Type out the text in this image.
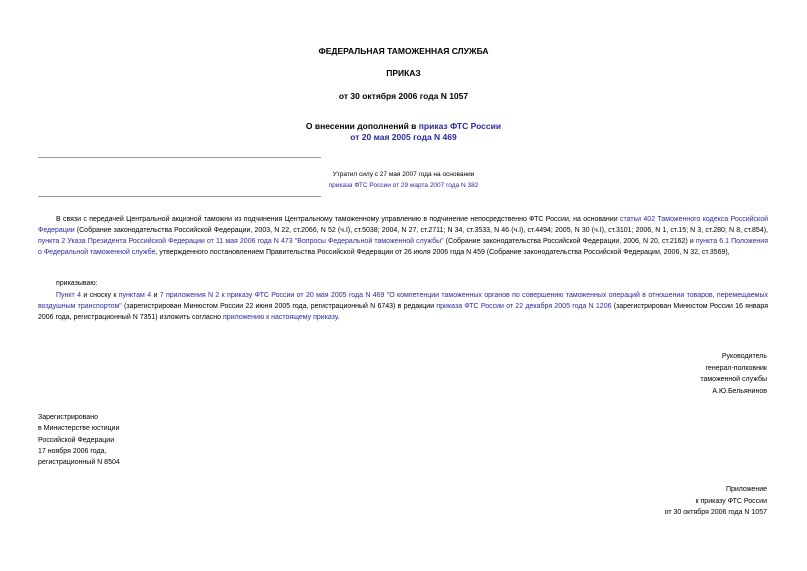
ФЕДЕРАЛЬНАЯ ТАМОЖЕННАЯ СЛУЖБА
ПРИКАЗ
от 30 октября 2006 года N 1057
О внесении дополнений в приказ ФТС России
от 20 мая 2005 года N 469
Утратил силу с 27 мая 2007 года на основании
приказа ФТС России от 29 марта 2007 года N 382
В связи с передачей Центральной акцизной таможни из подчинения Центральному таможенному управлению в подчинение непосредственно ФТС России, на основании статьи 402 Таможенного кодекса Российской Федерации (Собрание законодательства Российской Федерации, 2003, N 22, ст.2066, N 52 (ч.I), ст.5038; 2004, N 27, ст.2711; N 34, ст.3533, N 46 (ч.I), ст.4494; 2005, N 30 (ч.I), ст.3101; 2006, N 1, ст.15; N 3, ст.280; N 8, ст.854), пункта 2 Указа Президента Российской Федерации от 11 мая 2006 года N 473 "Вопросы Федеральной таможенной службы" (Собрание законодательства Российской Федерации, 2006, N 20, ст.2162) и пункта 6.1 Положения о Федеральной таможенной службе, утвержденного постановлением Правительства Российской Федерации от 26 июля 2006 года N 459 (Собрание законодательства Российской Федерации, 2006, N 32, ст.3569),
приказываю:
Пункт 4 и сноску к пунктам 4 и 7 приложения N 2 к приказу ФТС России от 20 мая 2005 года N 469 "О компетенции таможенных органов по совершению таможенных операций в отношении товаров, перемещаемых воздушным транспортом" (зарегистрирован Минюстом России 22 июня 2005 года, регистрационный N 6743) в редакции приказа ФТС России от 22 декабря 2005 года N 1206 (зарегистрирован Минюстом России 16 января 2006 года, регистрационный N 7351) изложить согласно приложению к настоящему приказу.
Руководитель
генерал-полковник
таможенной службы
А.Ю.Бельянинов
Зарегистрировано
в Министерстве юстиции
Российской Федерации
17 ноября 2006 года,
регистрационный N 8504
Приложение
к приказу ФТС России
от 30 октября 2006 года N 1057
